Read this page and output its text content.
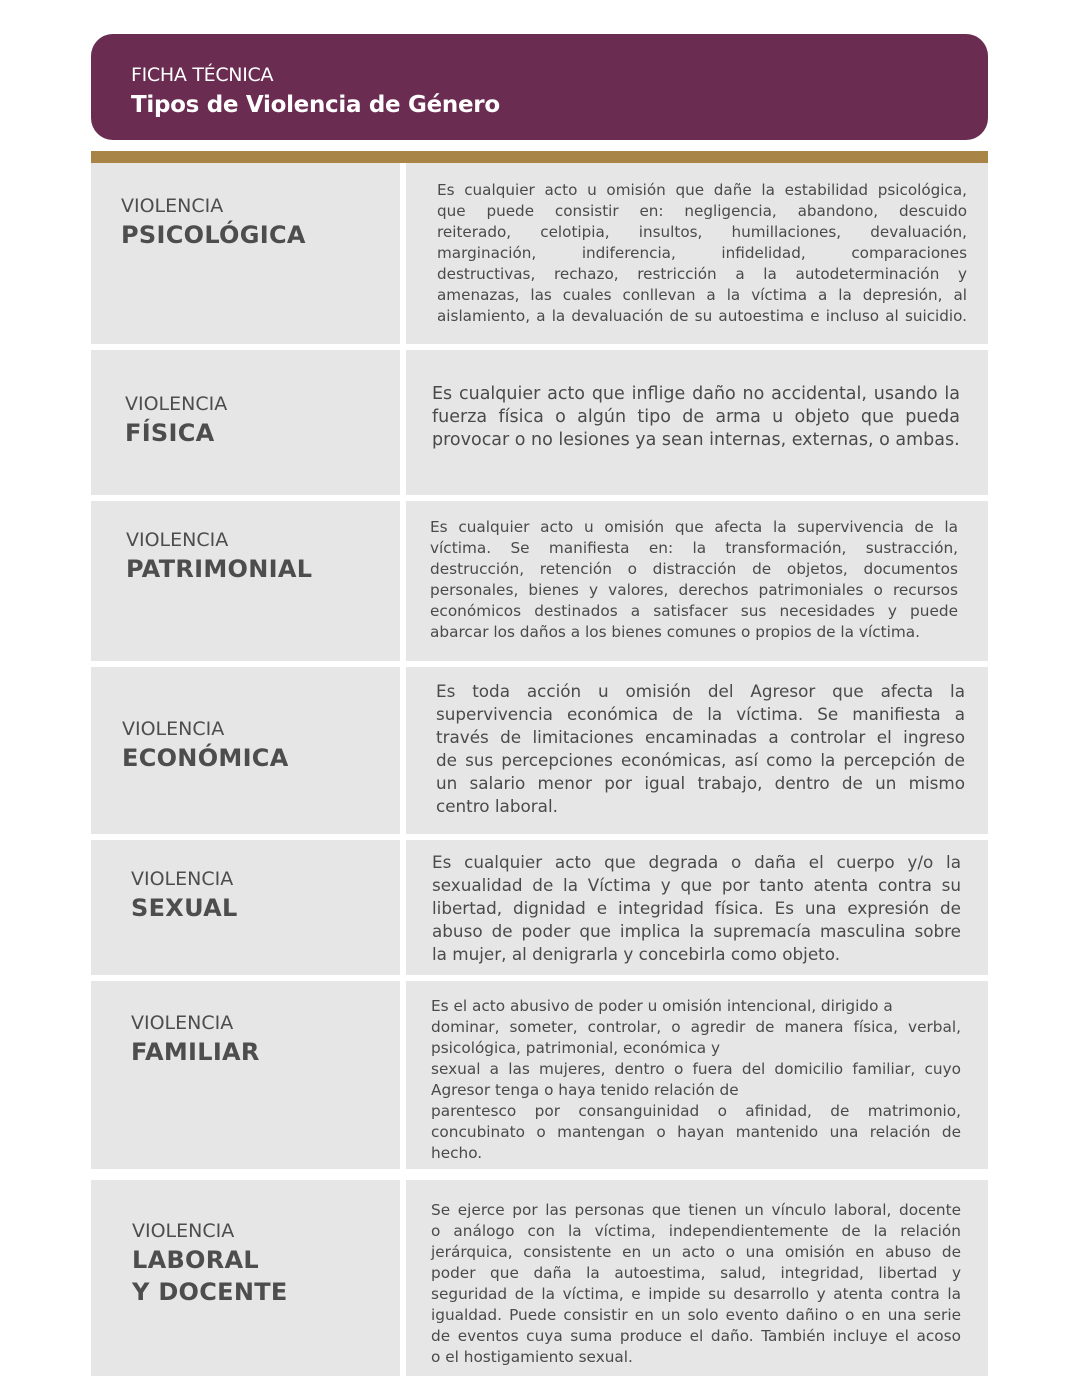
FICHA TÉCNICA
Tipos de Violencia de Género
VIOLENCIA
PSICOLÓGICA
Es cualquier acto u omisión que dañe la estabilidad psicológica,
que puede consistir en: negligencia, abandono, descuido
reiterado, celotipia, insultos, humillaciones, devaluación,
marginación, indiferencia, infidelidad, comparaciones
destructivas, rechazo, restricción a la autodeterminación y
amenazas, las cuales conllevan a la víctima a la depresión, al
aislamiento, a la devaluación de su autoestima e incluso al suicidio.
VIOLENCIA
FÍSICA
Es cualquier acto que inflige daño no accidental, usando la
fuerza física o algún tipo de arma u objeto que pueda
provocar o no lesiones ya sean internas, externas, o ambas.
VIOLENCIA
PATRIMONIAL
Es cualquier acto u omisión que afecta la supervivencia de la
víctima. Se manifiesta en: la transformación, sustracción,
destrucción, retención o distracción de objetos, documentos
personales, bienes y valores, derechos patrimoniales o recursos
económicos destinados a satisfacer sus necesidades y puede
abarcar los daños a los bienes comunes o propios de la víctima.
VIOLENCIA
ECONÓMICA
Es toda acción u omisión del Agresor que afecta la
supervivencia económica de la víctima. Se manifiesta a
través de limitaciones encaminadas a controlar el ingreso
de sus percepciones económicas, así como la percepción de
un salario menor por igual trabajo, dentro de un mismo
centro laboral.
VIOLENCIA
SEXUAL
Es cualquier acto que degrada o daña el cuerpo y/o la
sexualidad de la Víctima y que por tanto atenta contra su
libertad, dignidad e integridad física. Es una expresión de
abuso de poder que implica la supremacía masculina sobre
la mujer, al denigrarla y concebirla como objeto.
VIOLENCIA
FAMILIAR
Es el acto abusivo de poder u omisión intencional, dirigido a
dominar, someter, controlar, o agredir de manera física, verbal,
psicológica, patrimonial, económica y
sexual a las mujeres, dentro o fuera del domicilio familiar, cuyo
Agresor tenga o haya tenido relación de
parentesco por consanguinidad o afinidad, de matrimonio,
concubinato o mantengan o hayan mantenido una relación de
hecho.
VIOLENCIA
LABORAL
Y DOCENTE
Se ejerce por las personas que tienen un vínculo laboral, docente
o análogo con la víctima, independientemente de la relación
jerárquica, consistente en un acto o una omisión en abuso de
poder que daña la autoestima, salud, integridad, libertad y
seguridad de la víctima, e impide su desarrollo y atenta contra la
igualdad. Puede consistir en un solo evento dañino o en una serie
de eventos cuya suma produce el daño. También incluye el acoso
o el hostigamiento sexual.
